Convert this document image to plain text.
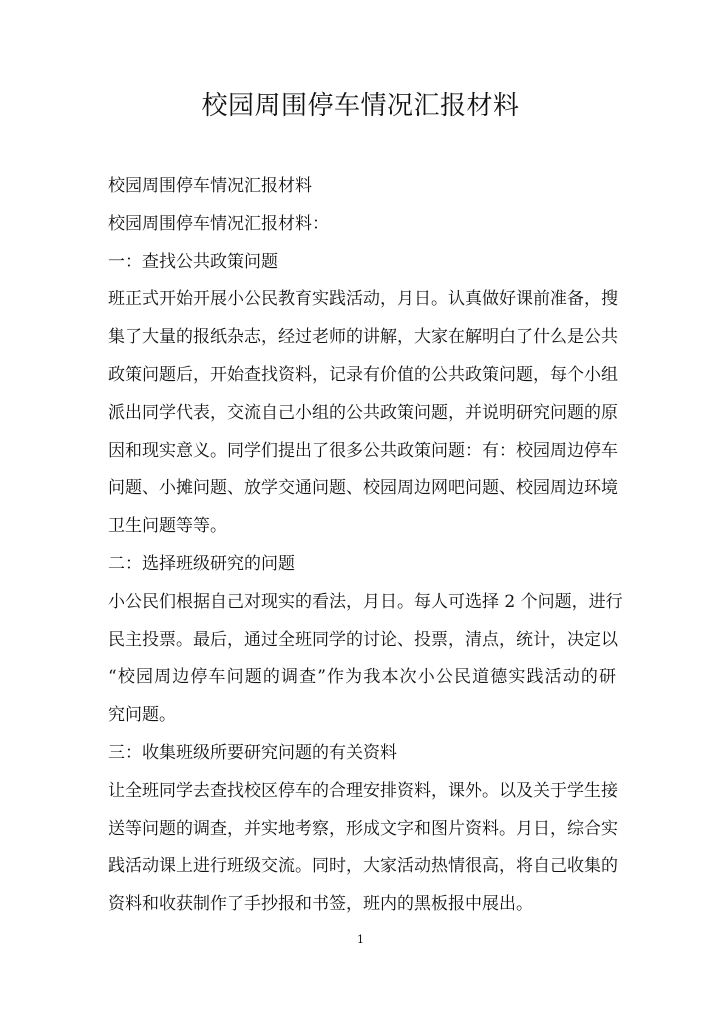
校园周围停车情况汇报材料

校园周围停车情况汇报材料

校园周围停车情况汇报材料：

一：查找公共政策问题

班正式开始开展小公民教育实践活动，月日。认真做好课前准备，搜

集了大量的报纸杂志，经过老师的讲解，大家在解明白了什么是公共

政策问题后，开始查找资料，记录有价值的公共政策问题，每个小组

派出同学代表，交流自己小组的公共政策问题，并说明研究问题的原

因和现实意义。同学们提出了很多公共政策问题：有：校园周边停车

问题、小摊问题、放学交通问题、校园周边网吧问题、校园周边环境

卫生问题等等。

二：选择班级研究的问题

小公民们根据自己对现实的看法，月日。每人可选择 2 个问题，进行

民主投票。最后，通过全班同学的讨论、投票，清点，统计，决定以

“校园周边停车问题的调查”作为我本次小公民道德实践活动的研

究问题。

三：收集班级所要研究问题的有关资料

让全班同学去查找校区停车的合理安排资料，课外。以及关于学生接

送等问题的调查，并实地考察，形成文字和图片资料。月日，综合实

践活动课上进行班级交流。同时，大家活动热情很高，将自己收集的

资料和收获制作了手抄报和书签，班内的黑板报中展出。

1
